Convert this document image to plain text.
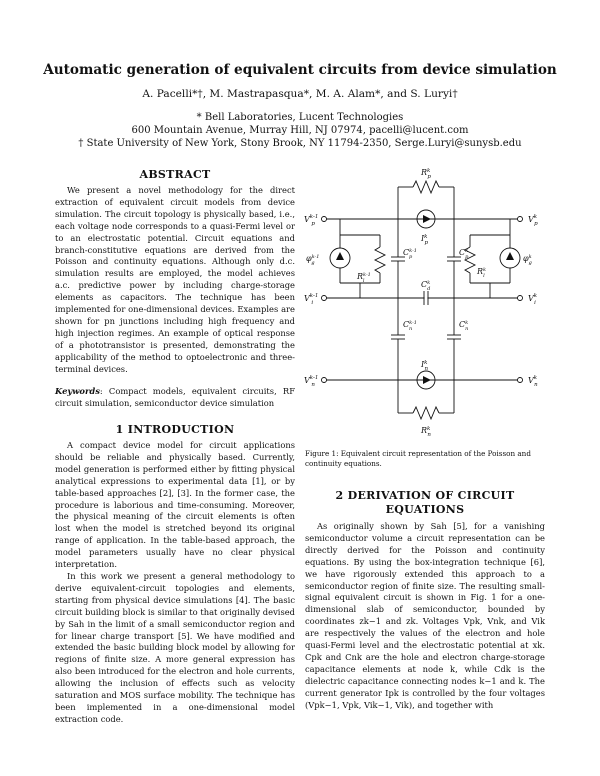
Automatic generation of equivalent circuits from device simulation
A. Pacelli*†, M. Mastrapasqua*, M. A. Alam*, and S. Luryi†
* Bell Laboratories, Lucent Technologies
600 Mountain Avenue, Murray Hill, NJ 07974, pacelli@lucent.com
† State University of New York, Stony Brook, NY 11794-2350, Serge.Luryi@sunysb.edu
ABSTRACT

We present a novel methodology for the direct extraction of equivalent circuit models from device simulation. The circuit topology is physically based, i.e., each voltage node corresponds to a quasi-Fermi level or to an electrostatic potential. Circuit equations and branch-constitutive equations are derived from the Poisson and continuity equations. Although only d.c. simulation results are employed, the model achieves a.c. predictive power by including charge-storage elements as capacitors. The technique has been implemented for one-dimensional devices. Examples are shown for pn junctions including high frequency and high injection regimes. An example of optical response of a phototransistor is presented, demonstrating the applicability of the method to optoelectronic and three-terminal devices.

Keywords: Compact models, equivalent circuits, RF circuit simulation, semiconductor device simulation
1 INTRODUCTION

A compact device model for circuit applications should be reliable and physically based. Currently, model generation is performed either by fitting physical analytical expressions to experimental data [1], or by table-based approaches [2], [3]. In the former case, the procedure is laborious and time-consuming. Moreover, the physical meaning of the circuit elements is often lost when the model is stretched beyond its original range of application. In the table-based approach, the model parameters usually have no clear physical interpretation.

In this work we present a general methodology to derive equivalent-circuit topologies and elements, starting from physical device simulations [4]. The basic circuit building block is similar to that originally devised by Sah in the limit of a small semiconductor region and for linear charge transport [5]. We have modified and extended the basic building block model by allowing for regions of finite size. A more general expression has also been introduced for the electron and hole currents, allowing the inclusion of effects such as velocity saturation and MOS surface mobility. The technique has been implemented in a one-dimensional model extraction code.

$V^{k-1}$ p	$V^k$ p
$V^{k-1}$ i	$V^k$ i
$V^{k-1}$ n	$V^k$ n
$R^k$ p
$R^k$ n
$I^k$ p
$I^k$ n
$\varphi^{k-1}$ g	$\varphi^k$ g
$R^{k-1}$ l
$R^k$ l
$C^{k-1}$ p	$C^k$ p
$C^k$ d
$C^{k-1}$ n	$C^k$ n
Figure 1: Equivalent circuit representation of the Poisson and continuity equations.
2 DERIVATION OF CIRCUIT
EQUATIONS

As originally shown by Sah [5], for a vanishing semiconductor volume a circuit representation can be directly derived for the Poisson and continuity equations. By using the box-integration technique [6], we have rigorously extended this approach to a semiconductor region of finite size. The resulting small-signal equivalent circuit is shown in Fig. 1 for a one-dimensional slab of semiconductor, bounded by coordinates zk−1 and zk. Voltages Vpk, Vnk, and Vik are respectively the values of the electron and hole quasi-Fermi level and the electrostatic potential at xk. Cpk and Cnk are the hole and electron charge-storage capacitance elements at node k, while Cdk is the dielectric capacitance connecting nodes k−1 and k. The current generator Ipk is controlled by the four voltages (Vpk−1, Vpk, Vik−1, Vik), and together with
